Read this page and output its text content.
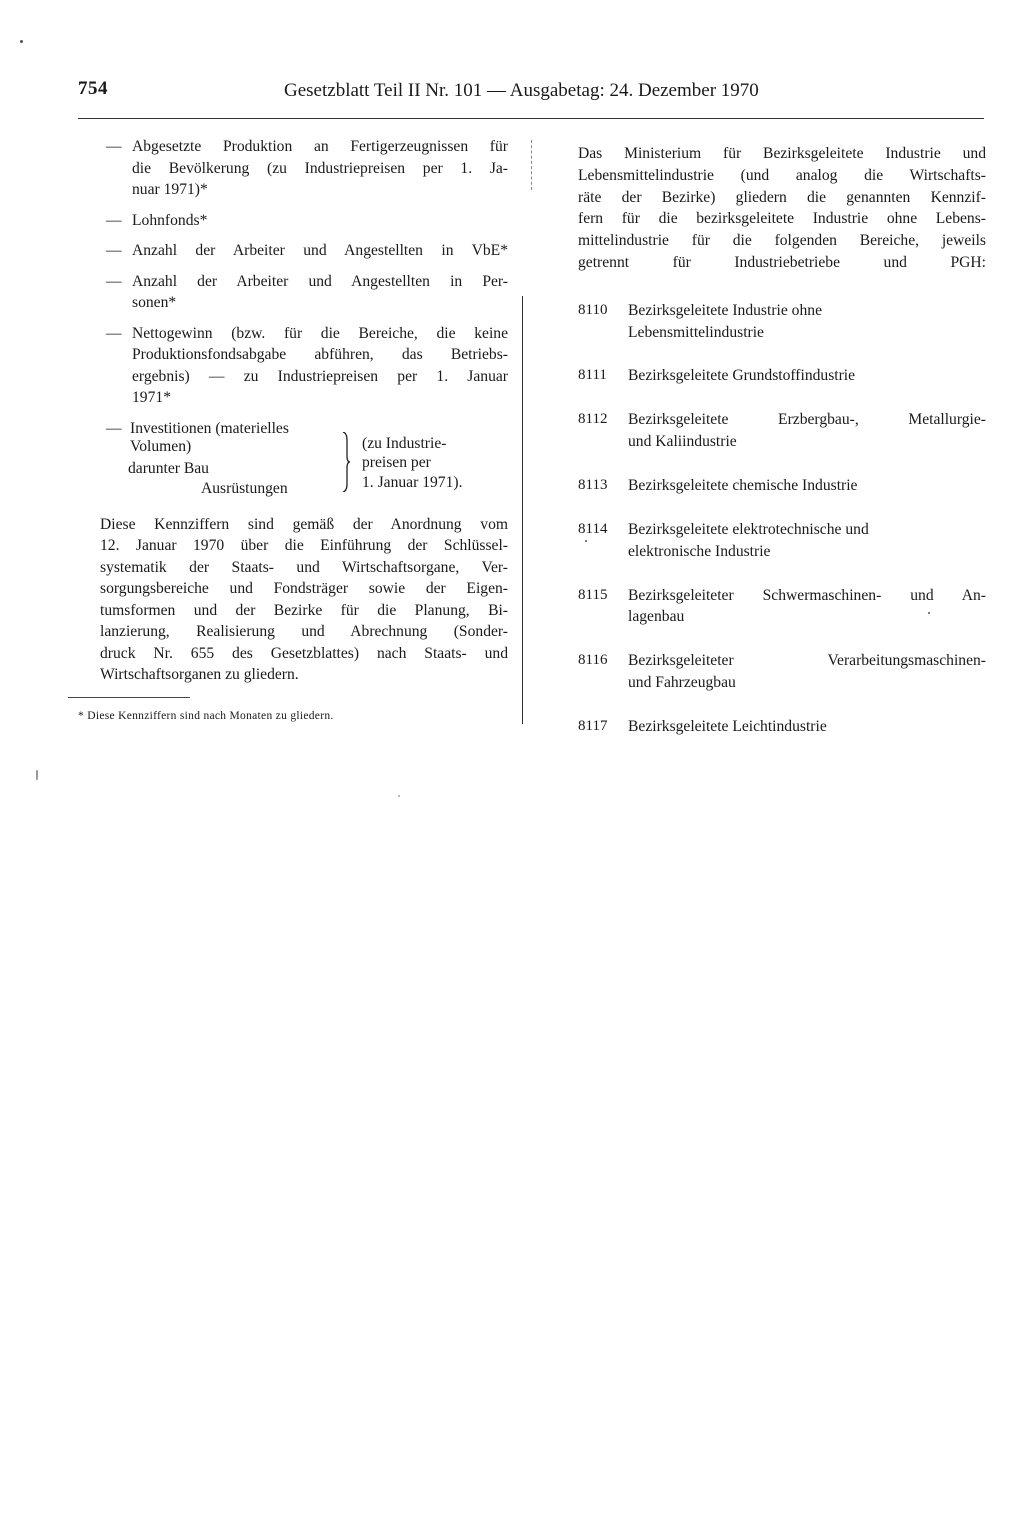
754	Gesetzblatt Teil II Nr. 101 — Ausgabetag: 24. Dezember 1970
— Abgesetzte Produktion an Fertigerzeugnissen für
die Bevölkerung (zu Industriepreisen per 1. Ja-
nuar 1971)*
— Lohnfonds*
— Anzahl der Arbeiter und Angestellten in VbE*
— Anzahl der Arbeiter und Angestellten in Per-
sonen*
— Nettogewinn (bzw. für die Bereiche, die keine
Produktionsfondsabgabe abführen, das Betriebs-
ergebnis) — zu Industriepreisen per 1. Januar
1971*
— Investitionen (materielles
Volumen)
darunter Bau
Ausrüstungen
(zu Industrie-
preisen per
1. Januar 1971).
Diese Kennziffern sind gemäß der Anordnung vom
12. Januar 1970 über die Einführung der Schlüssel-
systematik der Staats- und Wirtschaftsorgane, Ver-
sorgungsbereiche und Fondsträger sowie der Eigen-
tumsformen und der Bezirke für die Planung, Bi-
lanzierung, Realisierung und Abrechnung (Sonder-
druck Nr. 655 des Gesetzblattes) nach Staats- und
Wirtschaftsorganen zu gliedern.
* Diese Kennziffern sind nach Monaten zu gliedern.
Das Ministerium für Bezirksgeleitete Industrie und
Lebensmittelindustrie (und analog die Wirtschafts-
räte der Bezirke) gliedern die genannten Kennzif-
fern für die bezirksgeleitete Industrie ohne Lebens-
mittelindustrie für die folgenden Bereiche, jeweils
getrennt für Industriebetriebe und PGH:
8110 Bezirksgeleitete Industrie ohne
Lebensmittelindustrie
8111 Bezirksgeleitete Grundstoffindustrie
8112 Bezirksgeleitete Erzbergbau-, Metallurgie-
und Kaliindustrie
8113 Bezirksgeleitete chemische Industrie
8114 Bezirksgeleitete elektrotechnische und
elektronische Industrie
8115 Bezirksgeleiteter Schwermaschinen- und An-
lagenbau
8116 Bezirksgeleiteter Verarbeitungsmaschinen-
und Fahrzeugbau
8117 Bezirksgeleitete Leichtindustrie
